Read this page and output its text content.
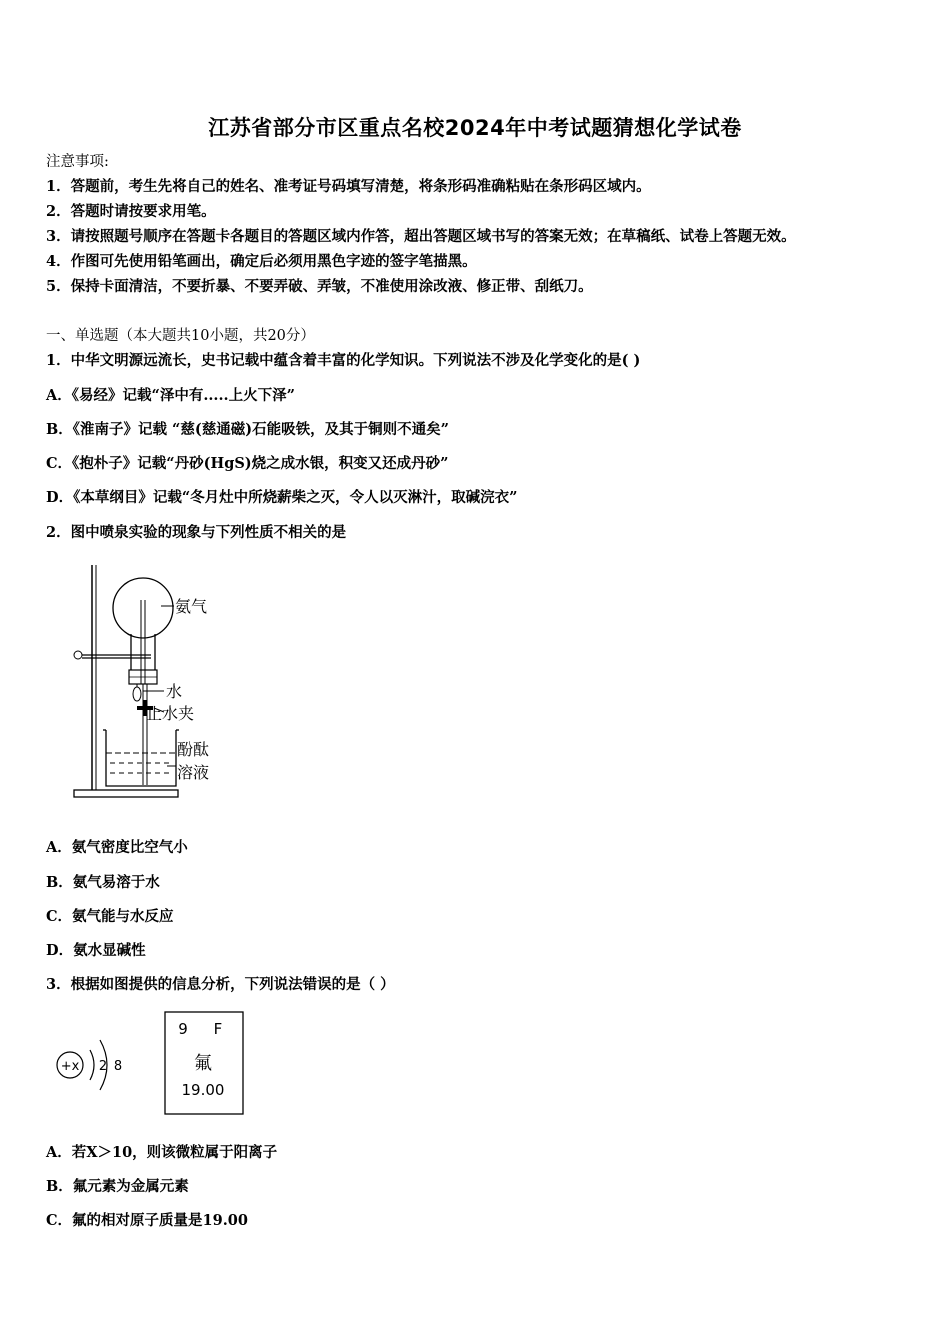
江苏省部分市区重点名校2024年中考试题猜想化学试卷
注意事项:
1．答题前，考生先将自己的姓名、准考证号码填写清楚，将条形码准确粘贴在条形码区域内。
2．答题时请按要求用笔。
3．请按照题号顺序在答题卡各题目的答题区域内作答，超出答题区域书写的答案无效；在草稿纸、试卷上答题无效。
4．作图可先使用铅笔画出，确定后必须用黑色字迹的签字笔描黑。
5．保持卡面清洁，不要折暴、不要弄破、弄皱，不准使用涂改液、修正带、刮纸刀。
一、单选题（本大题共10小题，共20分）
1．中华文明源远流长，史书记载中蕴含着丰富的化学知识。下列说法不涉及化学变化的是( )
A．《易经》记载“泽中有.....上火下泽”
B．《淮南子》记载 “慈(慈通磁)石能吸铁，及其于铜则不通矣”
C．《抱朴子》记载“丹砂(HgS)烧之成水银，积变又还成丹砂”
D．《本草纲目》记载“冬月灶中所烧薪柴之灭，令人以灭淋汁，取碱浣衣”
2．图中喷泉实验的现象与下列性质不相关的是
氨气
水
止水夹
酚酞
溶液
A．氨气密度比空气小
B．氨气易溶于水
C．氨气能与水反应
D．氨水显碱性
3．根据如图提供的信息分析，下列说法错误的是（ ）
+x 2 8
9 F
氟
19.00
A．若X＞10，则该微粒属于阳离子
B．氟元素为金属元素
C．氟的相对原子质量是19.00
